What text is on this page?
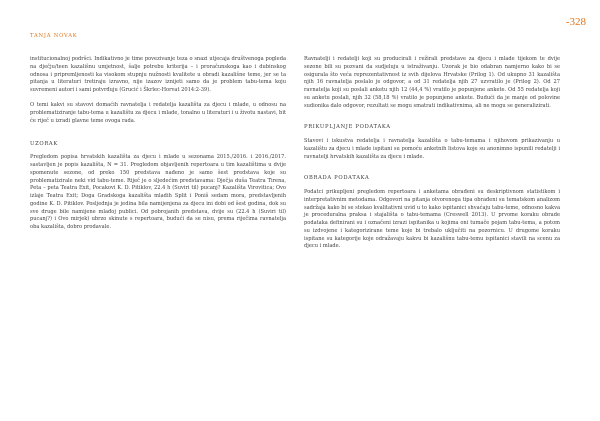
TANJA NOVAK
-328

institucionalnoj podršci. Indikativno je time povezivanje teza o snazi utjecaja društvenoga pogleda na dječju/teen kazališnu umjetnost, šalje potrebu kriterija – i proračunskoga kao i dubinskog odnosa i pripremljenosti ka visokom stupnju nužnosti kvalitete u obradi kazališne teme, jer se ta pitanja u literaturi tretiraju izravno, nije izazov iznijeti samo da je problem tabu-tema koju suvremeni autori i sami potvrđuju (Grucić i Škrlec-Horvat 2014:2-39).

O temi kakvi su stavovi domaćih ravnatelja i redatelja kazališta za djecu i mlade, u odnosu na problematiziranje tabu-tema u kazalištu za djecu i mlade, tonalno u literaturi i u životu nastavi, bit će riječ u izradi glavne teme ovoga rada.

UZORAK

Pregledom popisa hrvatskih kazališta za djecu i mlade u sezonama 2015./2016. i 2016./2017. sastavljen je popis kazališta, N = 31. Pregledom objavljenih repertoara u tim kazalištima u dvije spomenute sezone, od preko 150 predstava nađeno je samo šest predstava koje su problematizirale neki vid tabu-teme. Riječ je o sljedećim predstavama: Dječja duša Teatra Tirena, Peta – peta Teatra Exit, Pocakovi K. D. Pitiklov, 22.4 h (Suviri til) pucanj? Kazališta Virovitica; Ovo izlaje Teatra Exit; Doga Gradskoga kazališta mladih Split i Poniš sedam mora, predstavljenih godine K. D. Pitiklov. Posljednja je jedina bila namijenjena za djecu ini dobi od šest godina, dok su sve druge bile namijene mlađoj publici. Od pobrojanih predstava, dvije su (22.4 h (Suviri til) pucanj?) i Ovo mirjek) ubrzo skinute s repertoara, budući da se nisu, prema riječima ravnatelja oba kazališta, dobro prodavale.

Ravnatelji i redatelji koji su producirali i režirali predstave za djecu i mlade tijekom te dvije sezone bili su pozvani da sudjeluju u istraživanju. Uzorak je bio odabran namjerno kako bi se osigurala što veća reprezentativnost iz svih dijelova Hrvatske (Prilog 1). Od ukupno 31 kazališta njih 16 ravnatelja poslalo je odgovor, a od 31 redatelja njih 27 uzvratilo je (Prilog 2). Od 27 ravnatelja koji su poslali anketu njih 12 (44,4 %) vratilo je popunjene ankete. Od 55 redatelja koji su anketu poslali, njih 32 (58,18 %) vratilo je popunjene ankete. Budući da je manje od polovine sudionika dalo odgovor, rezultati se mogu smatrati indikativnima, ali ne mogu se generalizirati.

PRIKUPLJANJE PODATAKA

Stavovi i iskustva redatelja i ravnatelja kazališta o tabu-temama i njihovom prikazivanju u kazalištu za djecu i mlade ispitani su pomoću anketnih listova koje su anonimno ispunili redatelji i ravnatelji hrvatskih kazališta za djecu i mlade.

OBRADA PODATAKA

Podatci prikupljeni pregledom repertoara i anketama obrađeni su deskriptivnom statistikom i interpretativnim metodama. Odgovori na pitanja otvorenoga tipa obrađeni su tematskom analizom sadržaja kako bi se stekao kvalitativni uvid u to kako ispitanici shvaćaju tabu-teme, odnosno kakva je proceduralna praksa i stajališta o tabu-temama (Creswell 2013). U prvome koraku obrade podataka definirani su i označeni izrazi ispitanika u kojima oni tumače pojam tabu-tema, a potom su izdvojene i kategorizirane teme koje bi trebalo uključiti na pozornicu. U drugome koraku ispitane su kategorije koje odražavaju kakvu bi kazališnu tabu-temu ispitanici stavili na scenu za djecu i mlade.
